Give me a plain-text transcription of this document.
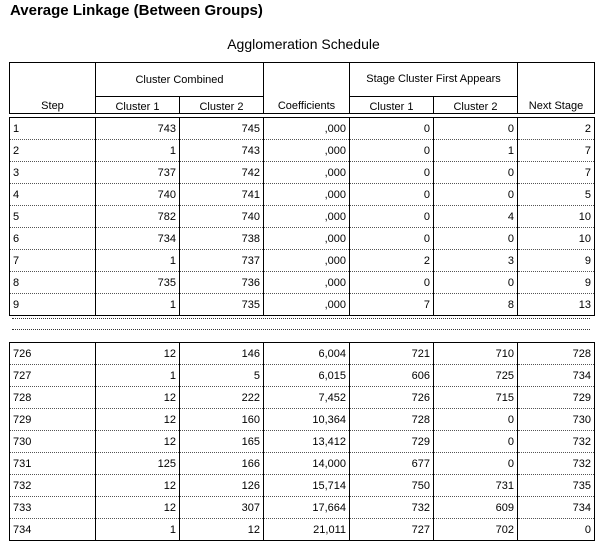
Average Linkage (Between Groups)
Agglomeration Schedule
Step	Cluster Combined		Coefficients	Stage Cluster First Appears		Next Stage
	Cluster 1	Cluster 2		Cluster 1	Cluster 2	
1	743	745	,000	0	0	2
2	1	743	,000	0	1	7
3	737	742	,000	0	0	7
4	740	741	,000	0	0	5
5	782	740	,000	0	4	10
6	734	738	,000	0	0	10
7	1	737	,000	2	3	9
8	735	736	,000	0	0	9
9	1	735	,000	7	8	13
726	12	146	6,004	721	710	728
727	1	5	6,015	606	725	734
728	12	222	7,452	726	715	729
729	12	160	10,364	728	0	730
730	12	165	13,412	729	0	732
731	125	166	14,000	677	0	732
732	12	126	15,714	750	731	735
733	12	307	17,664	732	609	734
734	1	12	21,011	727	702	0
